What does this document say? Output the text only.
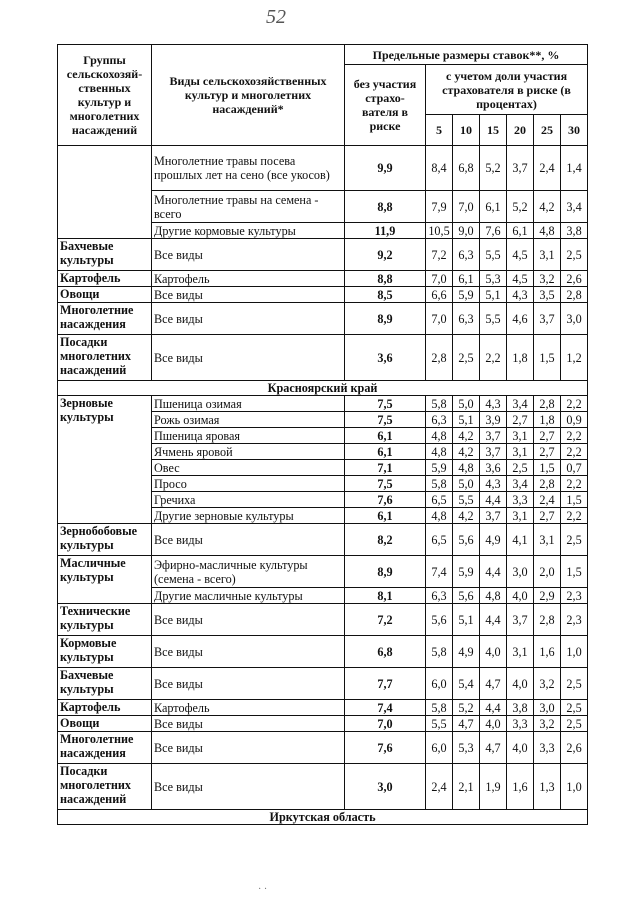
52
Группы сельскохозяй-ственных культур и многолетних насаждений	Виды сельскохозяйственных культур и многолетних насаждений*	Предельные размеры ставок**, %						
		без участия страхо-вателя в риске	с учетом доли участия страхователя в риске (в процентах)					
			5	10	15	20	25	30
	Многолетние травы посева прошлых лет на сено (все укосов)	9,9	8,4	6,8	5,2	3,7	2,4	1,4
	Многолетние травы на семена - всего	8,8	7,9	7,0	6,1	5,2	4,2	3,4
	Другие кормовые культуры	11,9	10,5	9,0	7,6	6,1	4,8	3,8
Бахчевые культуры	Все виды	9,2	7,2	6,3	5,5	4,5	3,1	2,5
Картофель	Картофель	8,8	7,0	6,1	5,3	4,5	3,2	2,6
Овощи	Все виды	8,5	6,6	5,9	5,1	4,3	3,5	2,8
Многолетние насаждения	Все виды	8,9	7,0	6,3	5,5	4,6	3,7	3,0
Посадки многолетних насаждений	Все виды	3,6	2,8	2,5	2,2	1,8	1,5	1,2
Красноярский край								
Зерновые культуры	Пшеница озимая	7,5	5,8	5,0	4,3	3,4	2,8	2,2
	Рожь озимая	7,5	6,3	5,1	3,9	2,7	1,8	0,9
	Пшеница яровая	6,1	4,8	4,2	3,7	3,1	2,7	2,2
	Ячмень яровой	6,1	4,8	4,2	3,7	3,1	2,7	2,2
	Овес	7,1	5,9	4,8	3,6	2,5	1,5	0,7
	Просо	7,5	5,8	5,0	4,3	3,4	2,8	2,2
	Гречиха	7,6	6,5	5,5	4,4	3,3	2,4	1,5
	Другие зерновые культуры	6,1	4,8	4,2	3,7	3,1	2,7	2,2
Зернобобовые культуры	Все виды	8,2	6,5	5,6	4,9	4,1	3,1	2,5
Масличные культуры	Эфирно-масличные культуры (семена - всего)	8,9	7,4	5,9	4,4	3,0	2,0	1,5
	Другие масличные культуры	8,1	6,3	5,6	4,8	4,0	2,9	2,3
Технические культуры	Все виды	7,2	5,6	5,1	4,4	3,7	2,8	2,3
Кормовые культуры	Все виды	6,8	5,8	4,9	4,0	3,1	1,6	1,0
Бахчевые культуры	Все виды	7,7	6,0	5,4	4,7	4,0	3,2	2,5
Картофель	Картофель	7,4	5,8	5,2	4,4	3,8	3,0	2,5
Овощи	Все виды	7,0	5,5	4,7	4,0	3,3	3,2	2,5
Многолетние насаждения	Все виды	7,6	6,0	5,3	4,7	4,0	3,3	2,6
Посадки многолетних насаждений	Все виды	3,0	2,4	2,1	1,9	1,6	1,3	1,0
Иркутская область								
· ·
